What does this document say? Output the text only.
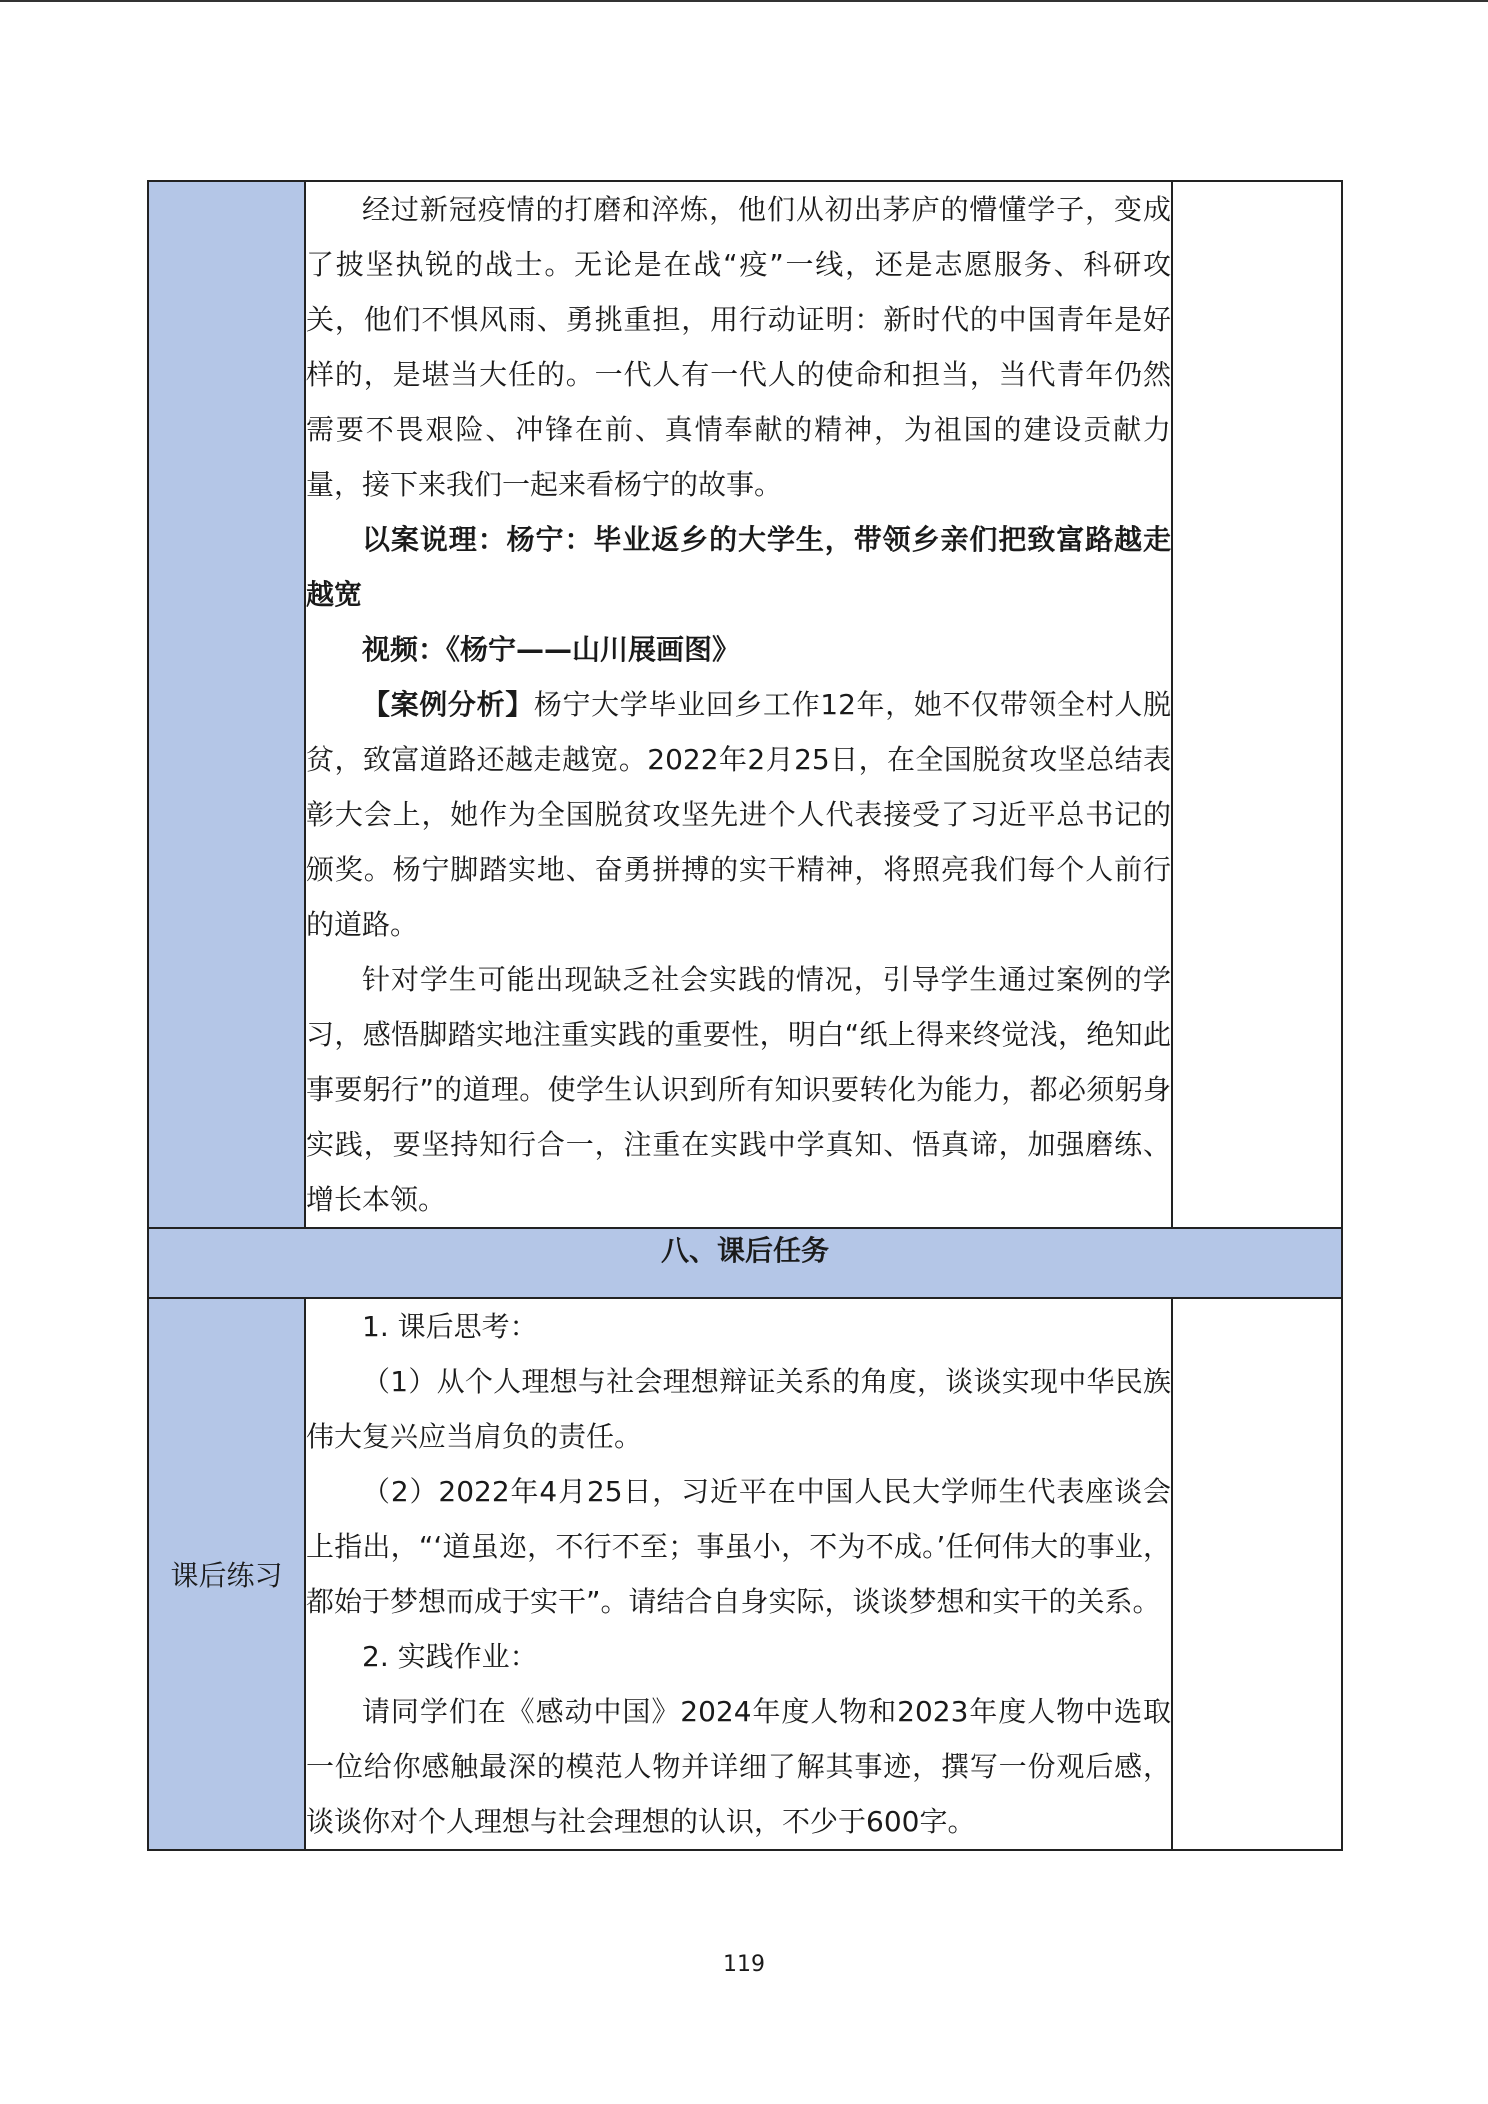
	经过新冠疫情的打磨和淬炼，他们从初出茅庐的懵懂学子，变成了披坚执锐的战士。无论是在战“疫”一线，还是志愿服务、科研攻关，他们不惧风雨、勇挑重担，用行动证明：新时代的中国青年是好样的，是堪当大任的。一代人有一代人的使命和担当，当代青年仍然需要不畏艰险、冲锋在前、真情奉献的精神，为祖国的建设贡献力量，接下来我们一起来看杨宁的故事。

以案说理：杨宁：毕业返乡的大学生，带领乡亲们把致富路越走越宽

视频：《杨宁——山川展画图》

【案例分析】杨宁大学毕业回乡工作12年，她不仅带领全村人脱贫，致富道路还越走越宽。2022年2月25日，在全国脱贫攻坚总结表彰大会上，她作为全国脱贫攻坚先进个人代表接受了习近平总书记的颁奖。杨宁脚踏实地、奋勇拼搏的实干精神，将照亮我们每个人前行的道路。

针对学生可能出现缺乏社会实践的情况，引导学生通过案例的学习，感悟脚踏实地注重实践的重要性，明白“纸上得来终觉浅，绝知此事要躬行”的道理。使学生认识到所有知识要转化为能力，都必须躬身实践，要坚持知行合一，注重在实践中学真知、悟真谛，加强磨练、增长本领。	

八、课后任务		
课后练习	1. 课后思考：

（1）从个人理想与社会理想辩证关系的角度，谈谈实现中华民族伟大复兴应当肩负的责任。

（2）2022年4月25日，习近平在中国人民大学师生代表座谈会上指出，“‘道虽迩，不行不至；事虽小，不为不成。’任何伟大的事业，都始于梦想而成于实干”。请结合自身实际，谈谈梦想和实干的关系。

2. 实践作业：

请同学们在《感动中国》2024年度人物和2023年度人物中选取一位给你感触最深的模范人物并详细了解其事迹，撰写一份观后感，谈谈你对个人理想与社会理想的认识，不少于600字。	

119
